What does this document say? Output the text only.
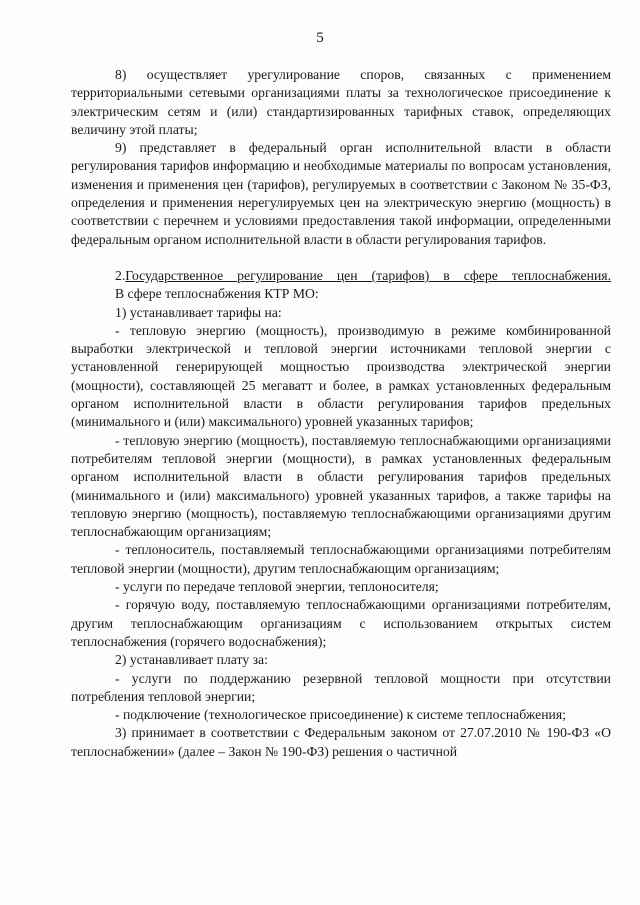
5

8) осуществляет урегулирование споров, связанных с применением территориальными сетевыми организациями платы за технологическое присоединение к электрическим сетям и (или) стандартизированных тарифных ставок, определяющих величину этой платы;

9) представляет в федеральный орган исполнительной власти в области регулирования тарифов информацию и необходимые материалы по вопросам установления, изменения и применения цен (тарифов), регулируемых в соответствии с Законом № 35-ФЗ, определения и применения нерегулируемых цен на электрическую энергию (мощность) в соответствии с перечнем и условиями предоставления такой информации, определенными федеральным органом исполнительной власти в области регулирования тарифов.

2.Государственное регулирование цен (тарифов) в сфере теплоснабжения.

В сфере теплоснабжения КТР МО:

1) устанавливает тарифы на:

- тепловую энергию (мощность), производимую в режиме комбинированной выработки электрической и тепловой энергии источниками тепловой энергии с установленной генерирующей мощностью производства электрической энергии (мощности), составляющей 25 мегаватт и более, в рамках установленных федеральным органом исполнительной власти в области регулирования тарифов предельных (минимального и (или) максимального) уровней указанных тарифов;

- тепловую энергию (мощность), поставляемую теплоснабжающими организациями потребителям тепловой энергии (мощности), в рамках установленных федеральным органом исполнительной власти в области регулирования тарифов предельных (минимального и (или) максимального) уровней указанных тарифов, а также тарифы на тепловую энергию (мощность), поставляемую теплоснабжающими организациями другим теплоснабжающим организациям;

- теплоноситель, поставляемый теплоснабжающими организациями потребителям тепловой энергии (мощности), другим теплоснабжающим организациям;

- услуги по передаче тепловой энергии, теплоносителя;

- горячую воду, поставляемую теплоснабжающими организациями потребителям, другим теплоснабжающим организациям с использованием открытых систем теплоснабжения (горячего водоснабжения);

2) устанавливает плату за:

- услуги по поддержанию резервной тепловой мощности при отсутствии потребления тепловой энергии;

- подключение (технологическое присоединение) к системе теплоснабжения;

3) принимает в соответствии с Федеральным законом от 27.07.2010 № 190-ФЗ «О теплоснабжении» (далее – Закон № 190-ФЗ) решения о частичной
